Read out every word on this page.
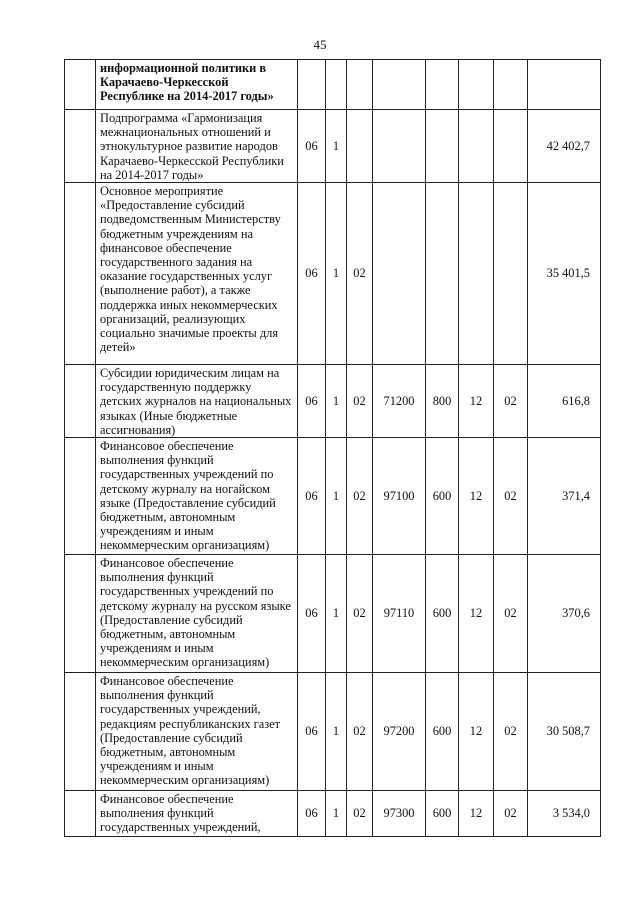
45
	информационной политики в Карачаево-Черкесской Республике на 2014-2017 годы»								
	Подпрограмма «Гармонизация межнациональных отношений и этнокультурное развитие народов Карачаево-Черкесской Республики на 2014-2017 годы»	06	1						42 402,7
	Основное мероприятие «Предоставление субсидий подведомственным Министерству бюджетным учреждениям на финансовое обеспечение государственного задания на оказание государственных услуг (выполнение работ), а также поддержка иных некоммерческих организаций, реализующих социально значимые проекты для детей»	06	1	02					35 401,5
	Субсидии юридическим лицам на государственную поддержку детских журналов на национальных языках (Иные бюджетные ассигнования)	06	1	02	71200	800	12	02	616,8
	Финансовое обеспечение выполнения функций государственных учреждений по детскому журналу на ногайском языке (Предоставление субсидий бюджетным, автономным учреждениям и иным некоммерческим организациям)	06	1	02	97100	600	12	02	371,4
	Финансовое обеспечение выполнения функций государственных учреждений по детскому журналу на русском языке (Предоставление субсидий бюджетным, автономным учреждениям и иным некоммерческим организациям)	06	1	02	97110	600	12	02	370,6
	Финансовое обеспечение выполнения функций государственных учреждений, редакциям республиканских газет (Предоставление субсидий бюджетным, автономным учреждениям и иным некоммерческим организациям)	06	1	02	97200	600	12	02	30 508,7
	Финансовое обеспечение выполнения функций государственных учреждений,	06	1	02	97300	600	12	02	3 534,0
